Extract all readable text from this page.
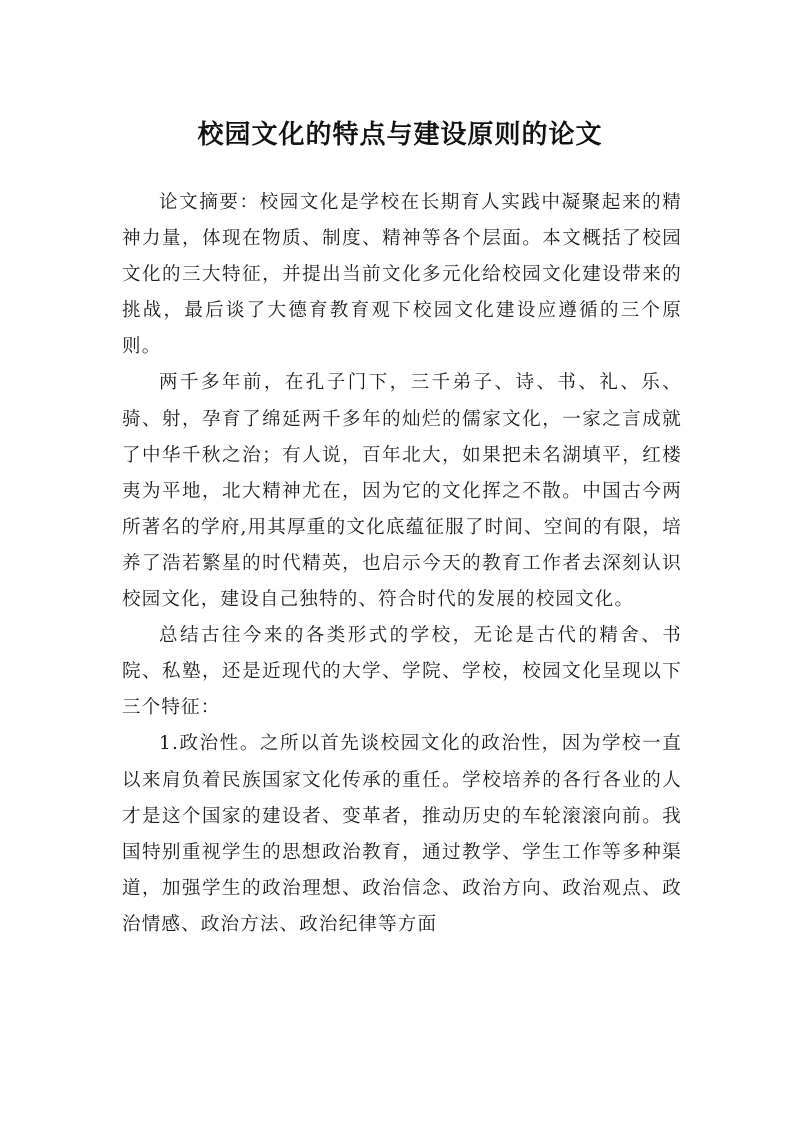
校园文化的特点与建设原则的论文

论文摘要：校园文化是学校在长期育人实践中凝聚起来的精神力量，体现在物质、制度、精神等各个层面。本文概括了校园文化的三大特征，并提出当前文化多元化给校园文化建设带来的挑战，最后谈了大德育教育观下校园文化建设应遵循的三个原则。

两千多年前，在孔子门下，三千弟子、诗、书、礼、乐、骑、射，孕育了绵延两千多年的灿烂的儒家文化，一家之言成就了中华千秋之治；有人说，百年北大，如果把未名湖填平，红楼夷为平地，北大精神尤在，因为它的文化挥之不散。中国古今两所著名的学府,用其厚重的文化底蕴征服了时间、空间的有限，培养了浩若繁星的时代精英，也启示今天的教育工作者去深刻认识校园文化，建设自己独特的、符合时代的发展的校园文化。

总结古往今来的各类形式的学校，无论是古代的精舍、书院、私塾，还是近现代的大学、学院、学校，校园文化呈现以下三个特征：

1.政治性。之所以首先谈校园文化的政治性，因为学校一直以来肩负着民族国家文化传承的重任。学校培养的各行各业的人才是这个国家的建设者、变革者，推动历史的车轮滚滚向前。我国特别重视学生的思想政治教育，通过教学、学生工作等多种渠道，加强学生的政治理想、政治信念、政治方向、政治观点、政治情感、政治方法、政治纪律等方面
